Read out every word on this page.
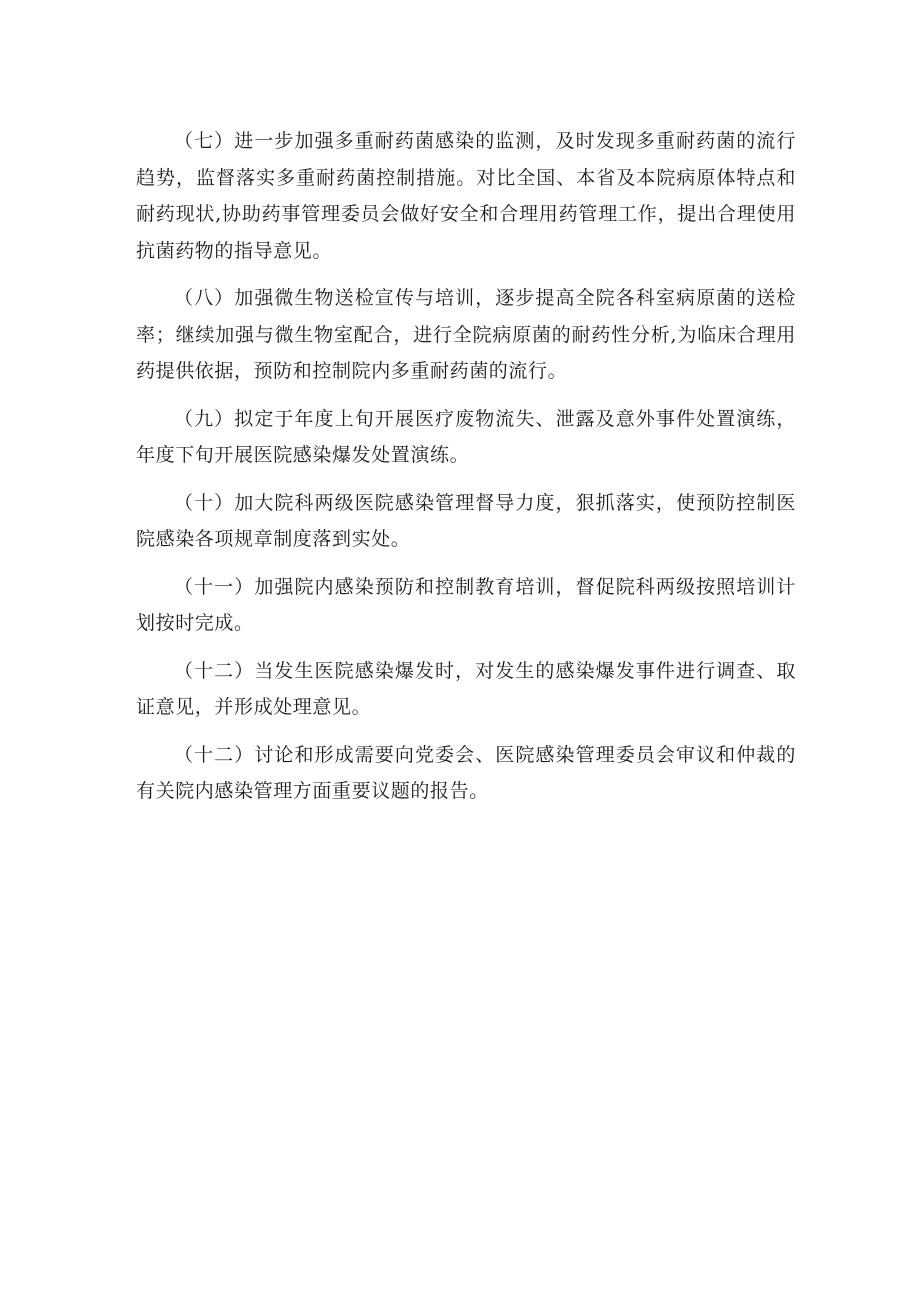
（七）进一步加强多重耐药菌感染的监测，及时发现多重耐药菌的流行趋势，监督落实多重耐药菌控制措施。对比全国、本省及本院病原体特点和耐药现状,协助药事管理委员会做好安全和合理用药管理工作，提出合理使用抗菌药物的指导意见。

（八）加强微生物送检宣传与培训，逐步提高全院各科室病原菌的送检率；继续加强与微生物室配合，进行全院病原菌的耐药性分析,为临床合理用药提供依据，预防和控制院内多重耐药菌的流行。

（九）拟定于年度上旬开展医疗废物流失、泄露及意外事件处置演练，年度下旬开展医院感染爆发处置演练。

（十）加大院科两级医院感染管理督导力度，狠抓落实，使预防控制医院感染各项规章制度落到实处。

（十一）加强院内感染预防和控制教育培训，督促院科两级按照培训计划按时完成。

（十二）当发生医院感染爆发时，对发生的感染爆发事件进行调查、取证意见，并形成处理意见。

（十二）讨论和形成需要向党委会、医院感染管理委员会审议和仲裁的有关院内感染管理方面重要议题的报告。
